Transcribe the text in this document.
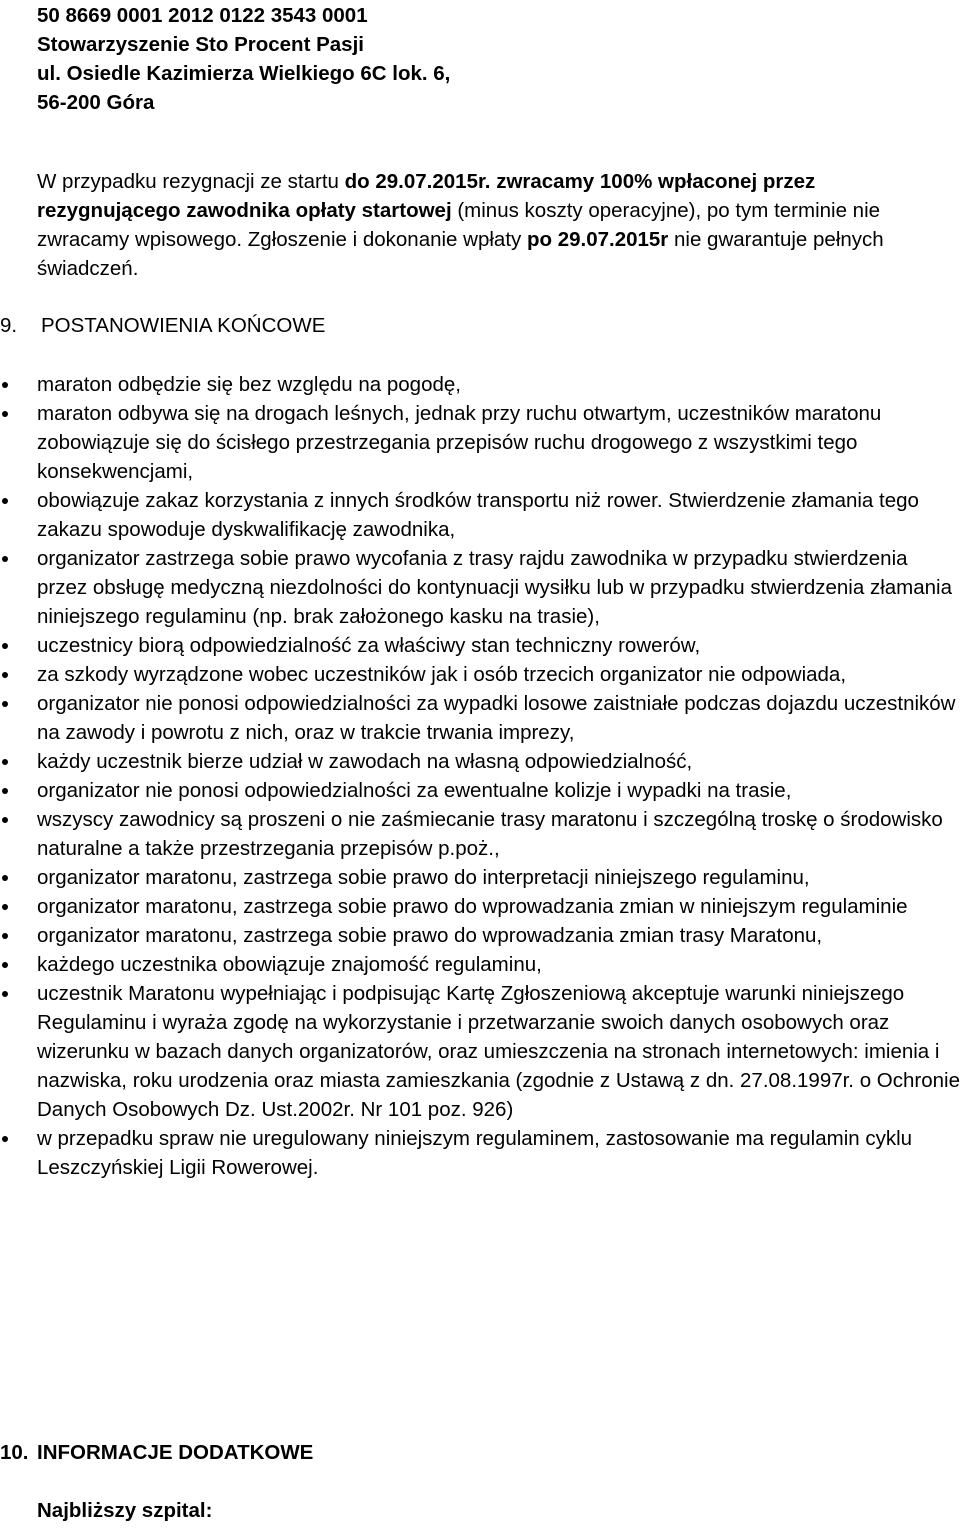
50 8669 0001 2012 0122 3543 0001
Stowarzyszenie Sto Procent Pasji
ul. Osiedle Kazimierza Wielkiego 6C lok. 6,
56-200 Góra

W przypadku rezygnacji ze startu do 29.07.2015r. zwracamy 100% wpłaconej przez rezygnującego zawodnika opłaty startowej (minus koszty operacyjne), po tym terminie nie zwracamy wpisowego. Zgłoszenie i dokonanie wpłaty po 29.07.2015r nie gwarantuje pełnych świadczeń.

9. POSTANOWIENIA KOŃCOWE
maraton odbędzie się bez względu na pogodę,
maraton odbywa się na drogach leśnych, jednak przy ruchu otwartym, uczestników maratonu zobowiązuje się do ścisłego przestrzegania przepisów ruchu drogowego z wszystkimi tego konsekwencjami,
obowiązuje zakaz korzystania z innych środków transportu niż rower. Stwierdzenie złamania tego zakazu spowoduje dyskwalifikację zawodnika,
organizator zastrzega sobie prawo wycofania z trasy rajdu zawodnika w przypadku stwierdzenia przez obsługę medyczną niezdolności do kontynuacji wysiłku lub w przypadku stwierdzenia złamania niniejszego regulaminu (np. brak założonego kasku na trasie),
uczestnicy biorą odpowiedzialność za właściwy stan techniczny rowerów,
za szkody wyrządzone wobec uczestników jak i osób trzecich organizator nie odpowiada,
organizator nie ponosi odpowiedzialności za wypadki losowe zaistniałe podczas dojazdu uczestników na zawody i powrotu z nich, oraz w trakcie trwania imprezy,
każdy uczestnik bierze udział w zawodach na własną odpowiedzialność,
organizator nie ponosi odpowiedzialności za ewentualne kolizje i wypadki na trasie,
wszyscy zawodnicy są proszeni o nie zaśmiecanie trasy maratonu i szczególną troskę o środowisko naturalne a także przestrzegania przepisów p.poż.,
organizator maratonu, zastrzega sobie prawo do interpretacji niniejszego regulaminu,
organizator maratonu, zastrzega sobie prawo do wprowadzania zmian w niniejszym regulaminie
organizator maratonu, zastrzega sobie prawo do wprowadzania zmian trasy Maratonu,
każdego uczestnika obowiązuje znajomość regulaminu,
uczestnik Maratonu wypełniając i podpisując Kartę Zgłoszeniową akceptuje warunki niniejszego Regulaminu i wyraża zgodę na wykorzystanie i przetwarzanie swoich danych osobowych oraz wizerunku w bazach danych organizatorów, oraz umieszczenia na stronach internetowych: imienia i nazwiska, roku urodzenia oraz miasta zamieszkania (zgodnie z Ustawą z dn. 27.08.1997r. o Ochronie Danych Osobowych Dz. Ust.2002r. Nr 101 poz. 926)
w przepadku spraw nie uregulowany niniejszym regulaminem, zastosowanie ma regulamin cyklu Leszczyńskiej Ligii Rowerowej.
10. INFORMACJE DODATKOWE
Najbliższy szpital:
